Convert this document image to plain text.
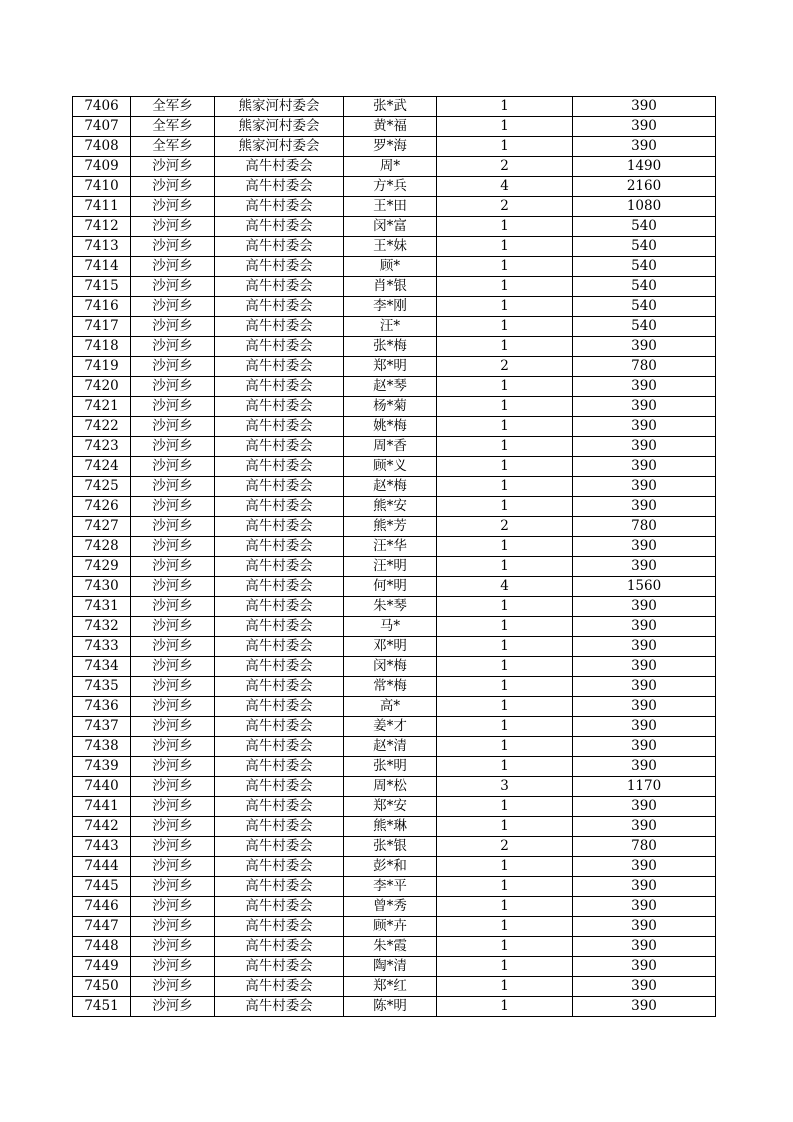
7406	全军乡	熊家河村委会	张*武	1	390
7407	全军乡	熊家河村委会	黄*福	1	390
7408	全军乡	熊家河村委会	罗*海	1	390
7409	沙河乡	高牛村委会	周*	2	1490
7410	沙河乡	高牛村委会	方*兵	4	2160
7411	沙河乡	高牛村委会	王*田	2	1080
7412	沙河乡	高牛村委会	闵*富	1	540
7413	沙河乡	高牛村委会	王*妹	1	540
7414	沙河乡	高牛村委会	顾*	1	540
7415	沙河乡	高牛村委会	肖*银	1	540
7416	沙河乡	高牛村委会	李*刚	1	540
7417	沙河乡	高牛村委会	汪*	1	540
7418	沙河乡	高牛村委会	张*梅	1	390
7419	沙河乡	高牛村委会	郑*明	2	780
7420	沙河乡	高牛村委会	赵*琴	1	390
7421	沙河乡	高牛村委会	杨*菊	1	390
7422	沙河乡	高牛村委会	姚*梅	1	390
7423	沙河乡	高牛村委会	周*香	1	390
7424	沙河乡	高牛村委会	顾*义	1	390
7425	沙河乡	高牛村委会	赵*梅	1	390
7426	沙河乡	高牛村委会	熊*安	1	390
7427	沙河乡	高牛村委会	熊*芳	2	780
7428	沙河乡	高牛村委会	汪*华	1	390
7429	沙河乡	高牛村委会	汪*明	1	390
7430	沙河乡	高牛村委会	何*明	4	1560
7431	沙河乡	高牛村委会	朱*琴	1	390
7432	沙河乡	高牛村委会	马*	1	390
7433	沙河乡	高牛村委会	邓*明	1	390
7434	沙河乡	高牛村委会	闵*梅	1	390
7435	沙河乡	高牛村委会	常*梅	1	390
7436	沙河乡	高牛村委会	高*	1	390
7437	沙河乡	高牛村委会	姜*才	1	390
7438	沙河乡	高牛村委会	赵*清	1	390
7439	沙河乡	高牛村委会	张*明	1	390
7440	沙河乡	高牛村委会	周*松	3	1170
7441	沙河乡	高牛村委会	郑*安	1	390
7442	沙河乡	高牛村委会	熊*琳	1	390
7443	沙河乡	高牛村委会	张*银	2	780
7444	沙河乡	高牛村委会	彭*和	1	390
7445	沙河乡	高牛村委会	李*平	1	390
7446	沙河乡	高牛村委会	曾*秀	1	390
7447	沙河乡	高牛村委会	顾*卉	1	390
7448	沙河乡	高牛村委会	朱*霞	1	390
7449	沙河乡	高牛村委会	陶*清	1	390
7450	沙河乡	高牛村委会	郑*红	1	390
7451	沙河乡	高牛村委会	陈*明	1	390
